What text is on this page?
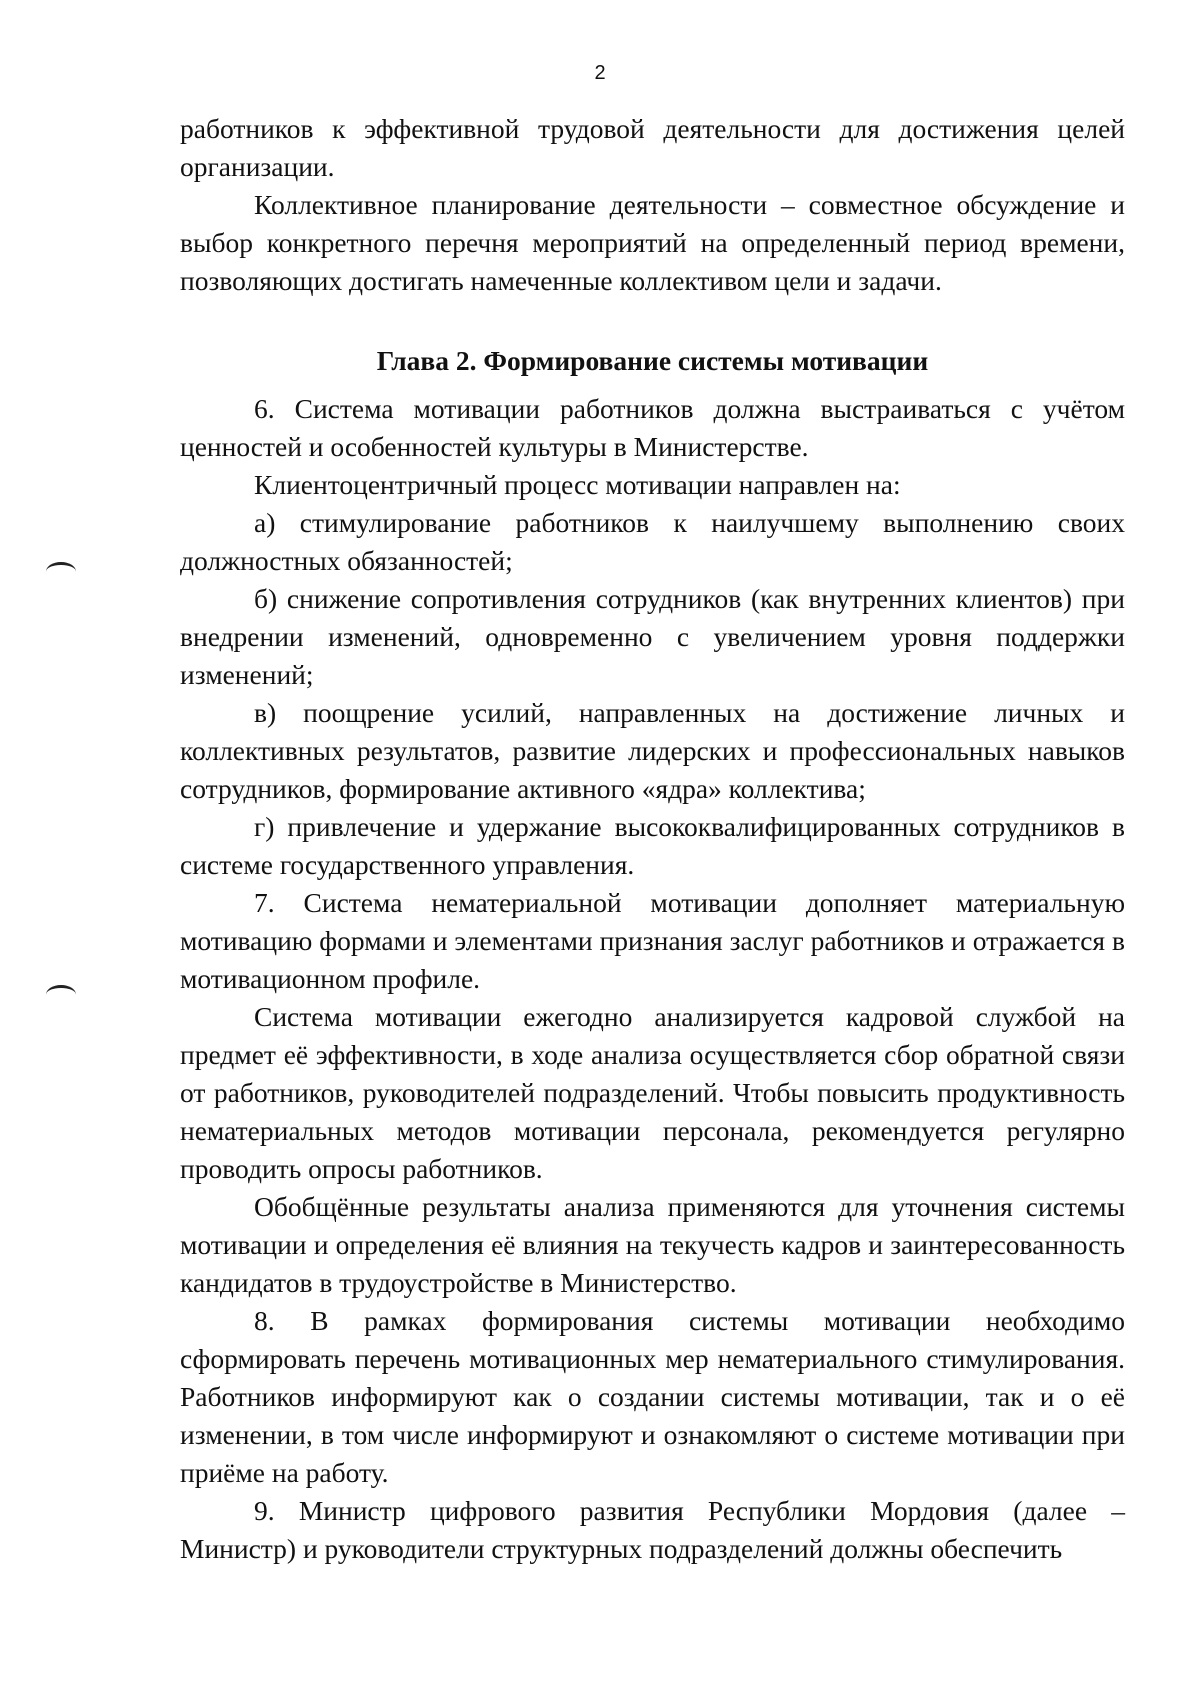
2

работников к эффективной трудовой деятельности для достижения целей организации.

Коллективное планирование деятельности – совместное обсуждение и выбор конкретного перечня мероприятий на определенный период времени, позволяющих достигать намеченные коллективом цели и задачи.

Глава 2. Формирование системы мотивации

6. Система мотивации работников должна выстраиваться с учётом ценностей и особенностей культуры в Министерстве.

Клиентоцентричный процесс мотивации направлен на:

а) стимулирование работников к наилучшему выполнению своих должностных обязанностей;

б) снижение сопротивления сотрудников (как внутренних клиентов) при внедрении изменений, одновременно с увеличением уровня поддержки изменений;

в) поощрение усилий, направленных на достижение личных и коллективных результатов, развитие лидерских и профессиональных навыков сотрудников, формирование активного «ядра» коллектива;

г) привлечение и удержание высококвалифицированных сотрудников в системе государственного управления.

7. Система нематериальной мотивации дополняет материальную мотивацию формами и элементами признания заслуг работников и отражается в мотивационном профиле.

Система мотивации ежегодно анализируется кадровой службой на предмет её эффективности, в ходе анализа осуществляется сбор обратной связи от работников, руководителей подразделений. Чтобы повысить продуктивность нематериальных методов мотивации персонала, рекомендуется регулярно проводить опросы работников.

Обобщённые результаты анализа применяются для уточнения системы мотивации и определения её влияния на текучесть кадров и заинтересованность кандидатов в трудоустройстве в Министерство.

8. В рамках формирования системы мотивации необходимо сформировать перечень мотивационных мер нематериального стимулирования. Работников информируют как о создании системы мотивации, так и о её изменении, в том числе информируют и ознакомляют о системе мотивации при приёме на работу.

9. Министр цифрового развития Республики Мордовия (далее – Министр) и руководители структурных подразделений должны обеспечить
